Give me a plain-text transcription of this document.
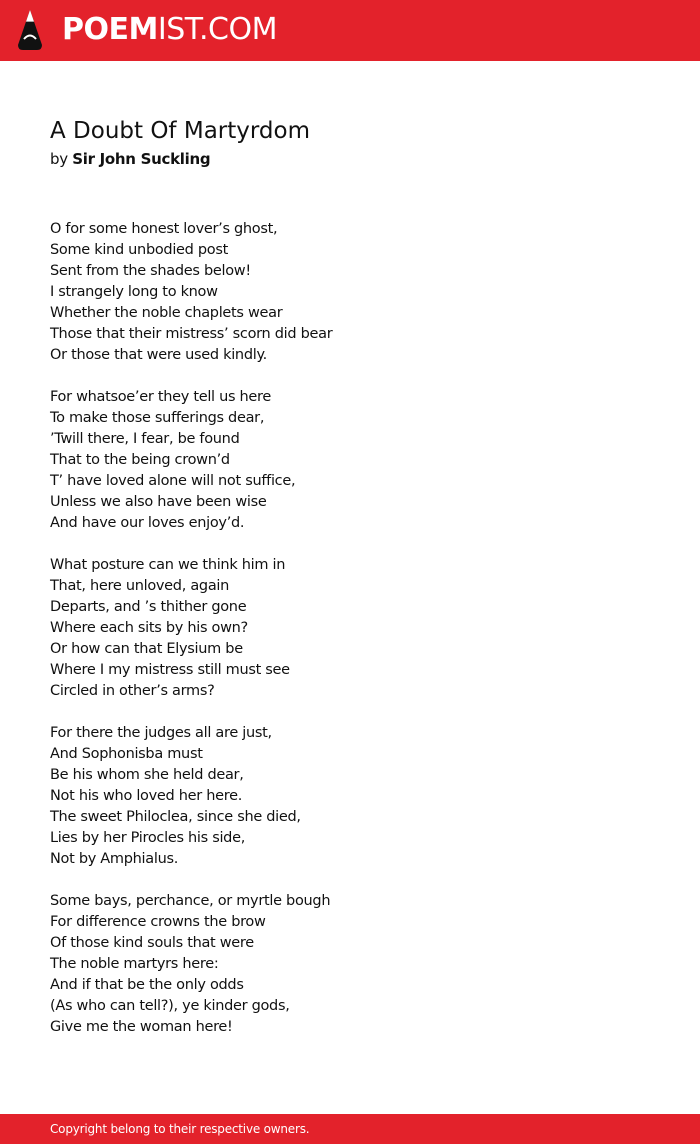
POEMIST.COM
A Doubt Of Martyrdom
by Sir John Suckling
O for some honest lover’s ghost,
Some kind unbodied post
Sent from the shades below!
I strangely long to know
Whether the noble chaplets wear
Those that their mistress’ scorn did bear
Or those that were used kindly.
For whatsoe’er they tell us here
To make those sufferings dear,
’Twill there, I fear, be found
That to the being crown’d
T’ have loved alone will not suffice,
Unless we also have been wise
And have our loves enjoy’d.
What posture can we think him in
That, here unloved, again
Departs, and ’s thither gone
Where each sits by his own?
Or how can that Elysium be
Where I my mistress still must see
Circled in other’s arms?
For there the judges all are just,
And Sophonisba must
Be his whom she held dear,
Not his who loved her here.
The sweet Philoclea, since she died,
Lies by her Pirocles his side,
Not by Amphialus.
Some bays, perchance, or myrtle bough
For difference crowns the brow
Of those kind souls that were
The noble martyrs here:
And if that be the only odds
(As who can tell?), ye kinder gods,
Give me the woman here!
Copyright belong to their respective owners.
